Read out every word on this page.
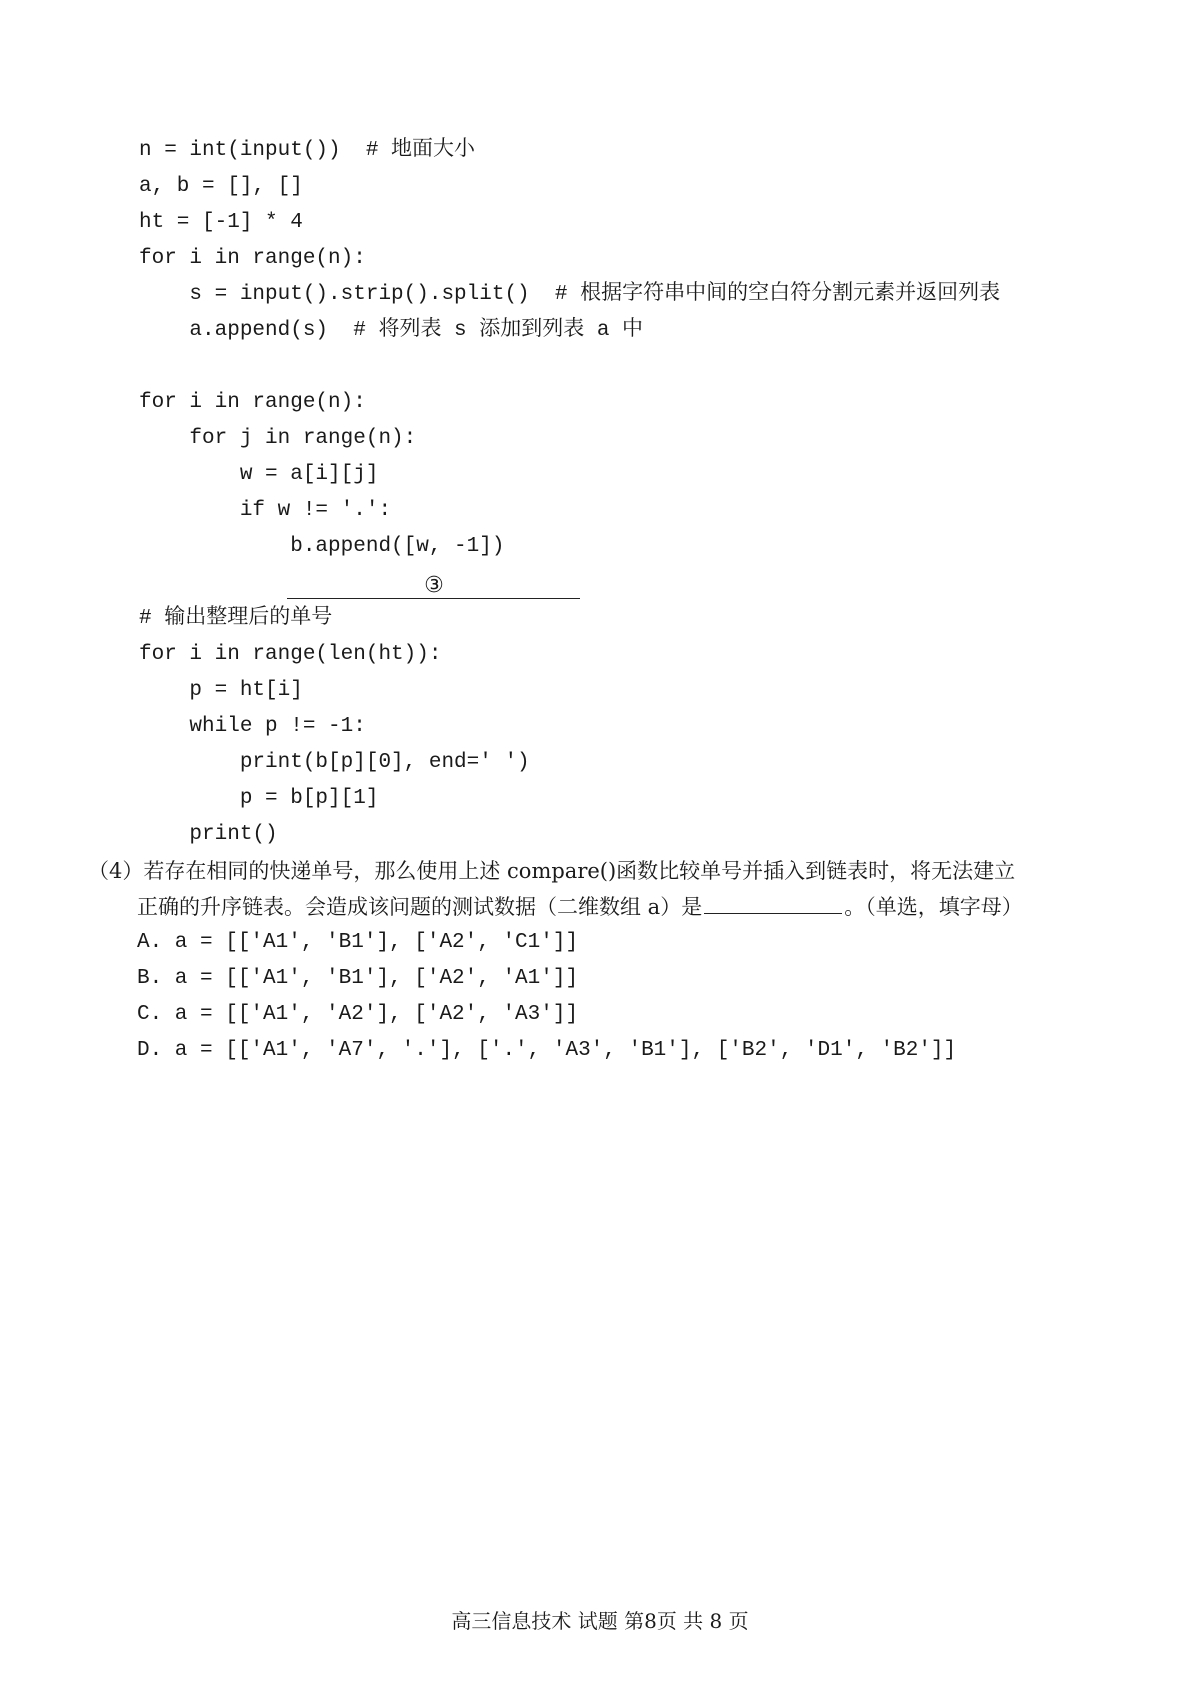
n = int(input())  # 地面大小

a, b = [], []

ht = [-1] * 4

for i in range(n):

s = input().strip().split()  # 根据字符串中间的空白符分割元素并返回列表

a.append(s)  # 将列表 s 添加到列表 a 中

for i in range(n):

for j in range(n):

w = a[i][j]

if w != '.':

b.append([w, -1])

# 输出整理后的单号

for i in range(len(ht)):

p = ht[i]

while p != -1:

print(b[p][0], end=' ')

p = b[p][1]

print()

③
（4）若存在相同的快递单号，那么使用上述 compare()函数比较单号并插入到链表时，将无法建立
正确的升序链表。会造成该问题的测试数据（二维数组 a）是	。（单选，填字母）
A. a = [['A1', 'B1'], ['A2', 'C1']]
B. a = [['A1', 'B1'], ['A2', 'A1']]
C. a = [['A1', 'A2'], ['A2', 'A3']]
D. a = [['A1', 'A7', '.'], ['.', 'A3', 'B1'], ['B2', 'D1', 'B2']]
高三信息技术 试题 第8页 共 8 页
